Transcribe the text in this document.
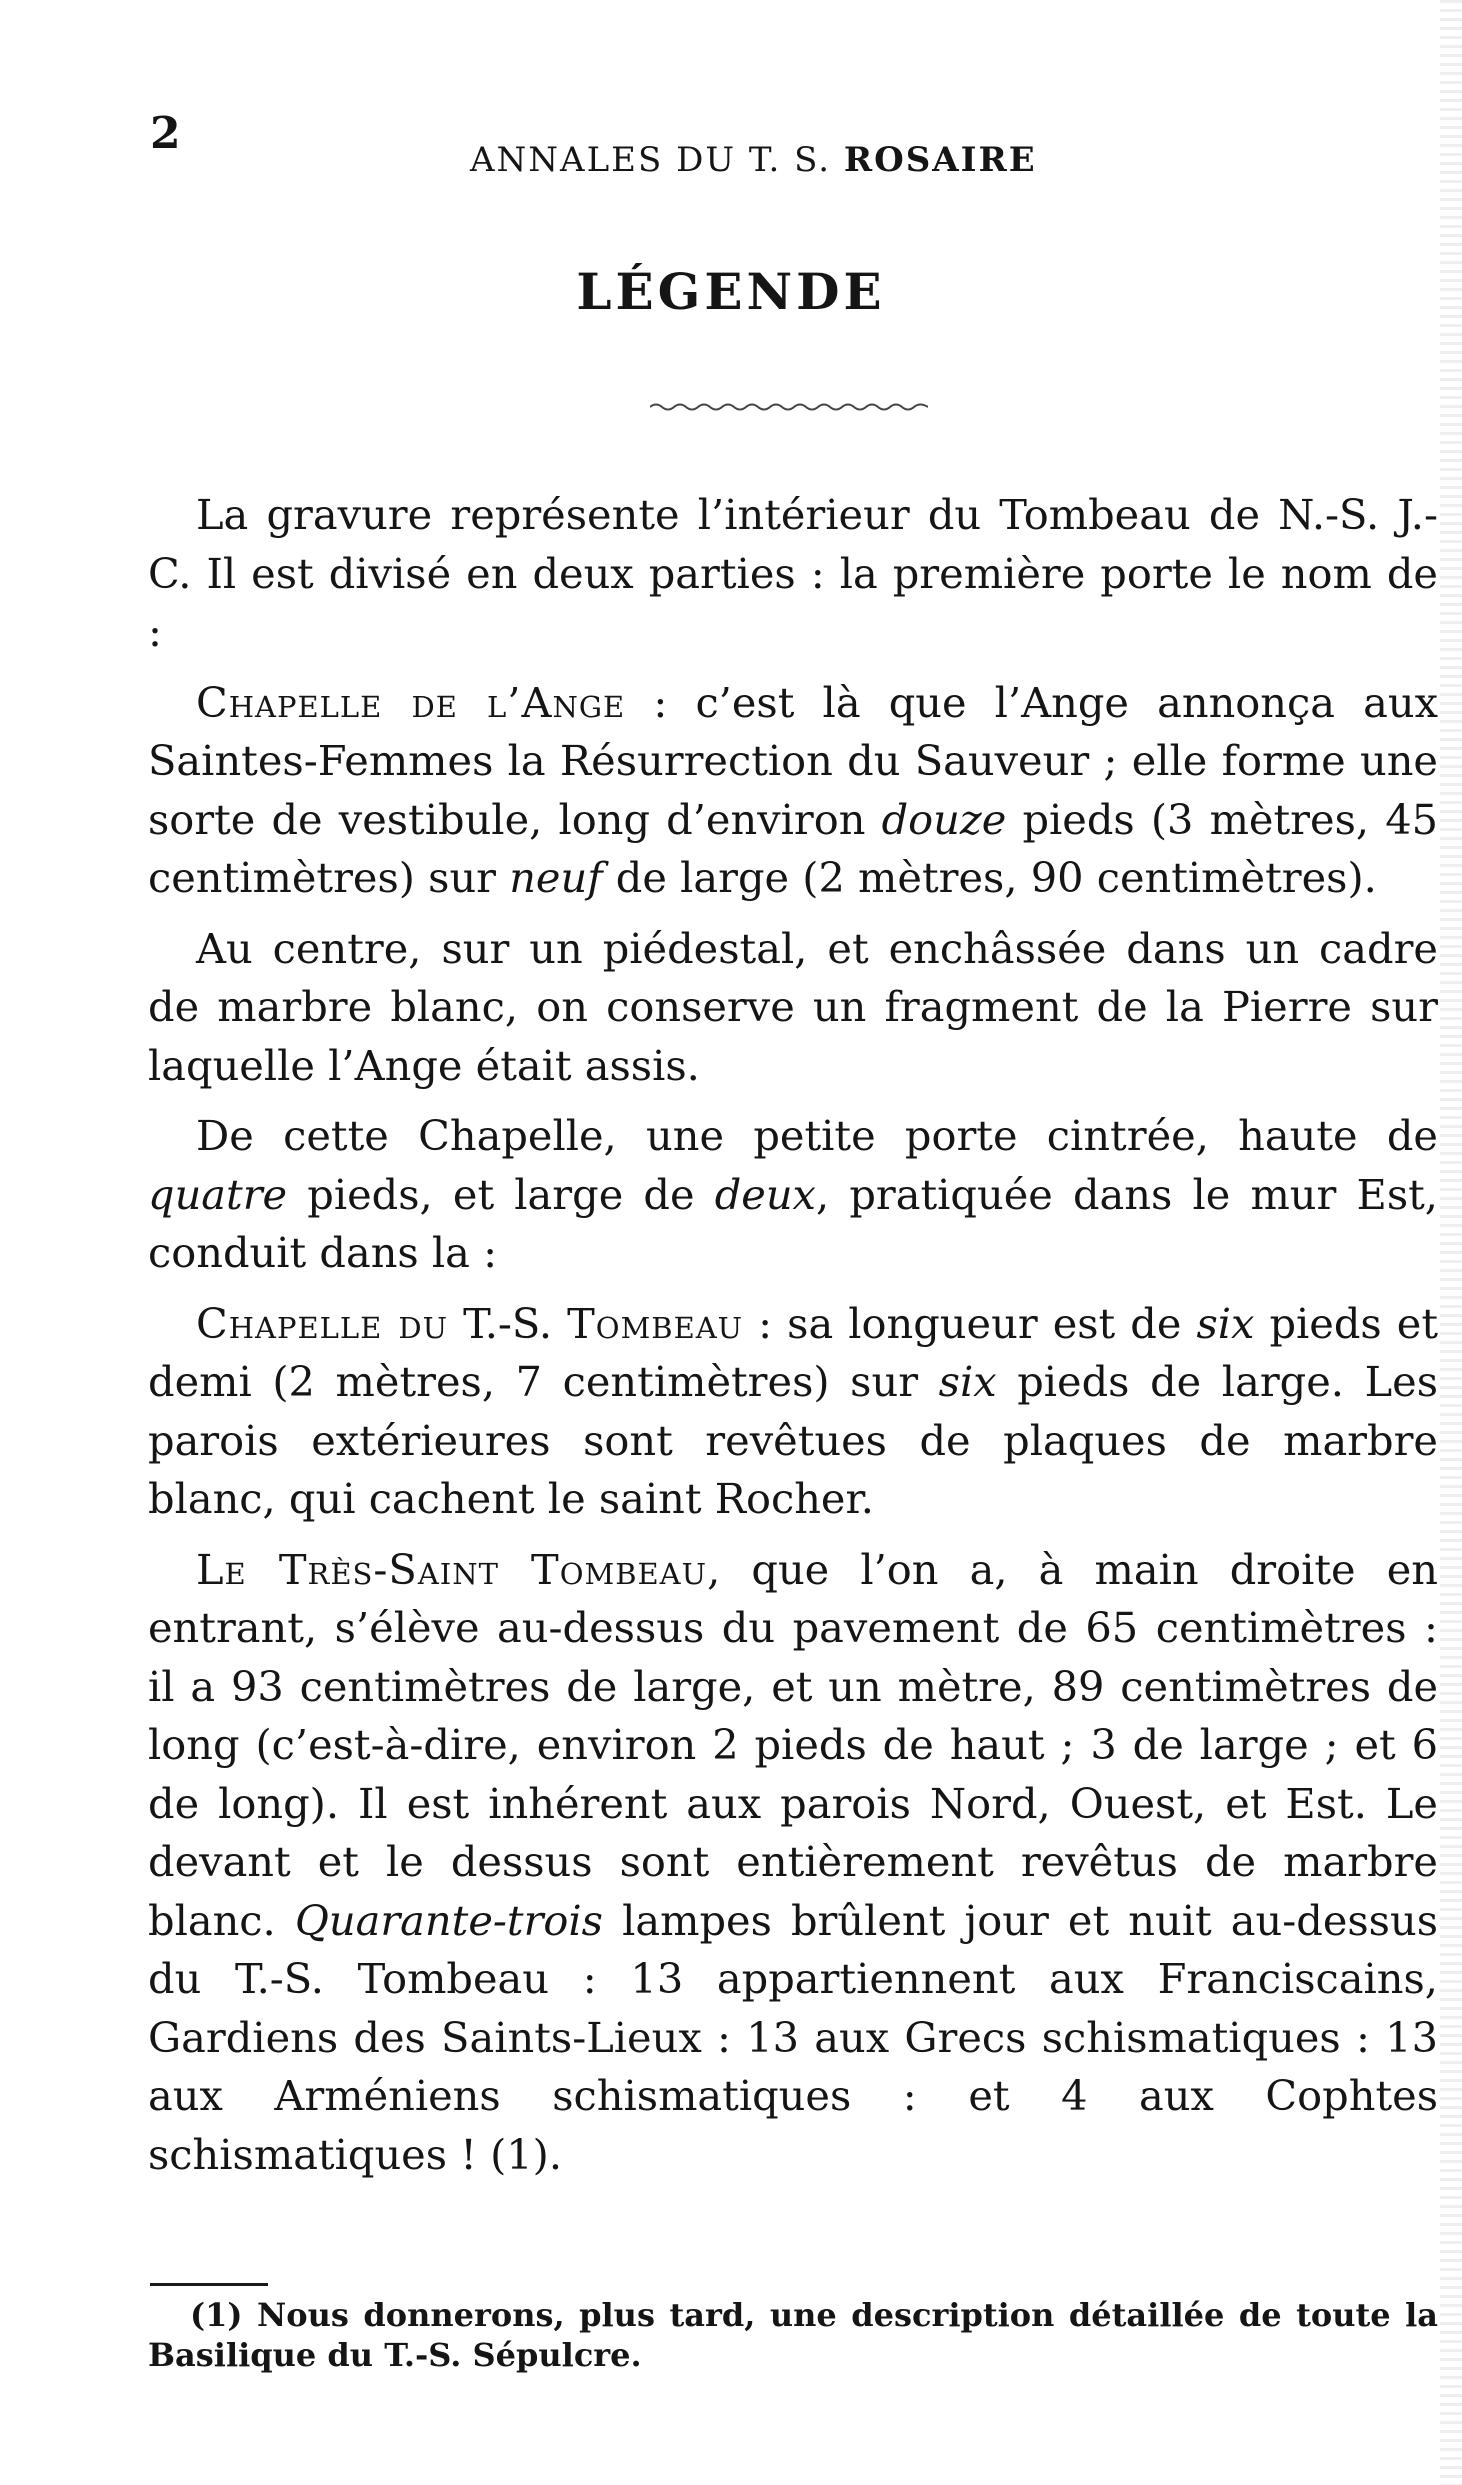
2
ANNALES DU T. S. ROSAIRE
LÉGENDE

La gravure représente l’intérieur du Tombeau de N.-S. J.-C. Il est divisé en deux parties : la première porte le nom de :

Chapelle de l’Ange : c’est là que l’Ange annonça aux Saintes-Femmes la Résurrection du Sauveur ; elle forme une sorte de vestibule, long d’environ douze pieds (3 mètres, 45 centimètres) sur neuf de large (2 mètres, 90 centimètres).

Au centre, sur un piédestal, et enchâssée dans un cadre de marbre blanc, on conserve un fragment de la Pierre sur laquelle l’Ange était assis.

De cette Chapelle, une petite porte cintrée, haute de quatre pieds, et large de deux, pratiquée dans le mur Est, conduit dans la :

Chapelle du T.-S. Tombeau : sa longueur est de six pieds et demi (2 mètres, 7 centimètres) sur six pieds de large. Les parois extérieures sont revêtues de plaques de marbre blanc, qui cachent le saint Rocher.

Le Très-Saint Tombeau, que l’on a, à main droite en entrant, s’élève au-dessus du pavement de 65 centimètres : il a 93 centimètres de large, et un mètre, 89 centimètres de long (c’est-à-dire, environ 2 pieds de haut ; 3 de large ; et 6 de long). Il est inhérent aux parois Nord, Ouest, et Est. Le devant et le dessus sont entièrement revêtus de marbre blanc. Quarante-trois lampes brûlent jour et nuit au-dessus du T.-S. Tombeau : 13 appartiennent aux Franciscains, Gardiens des Saints-Lieux : 13 aux Grecs schismatiques : 13 aux Arméniens schismatiques : et 4 aux Cophtes schismatiques ! (1).

(1) Nous donnerons, plus tard, une description détaillée de toute la Basilique du T.-S. Sépulcre.
